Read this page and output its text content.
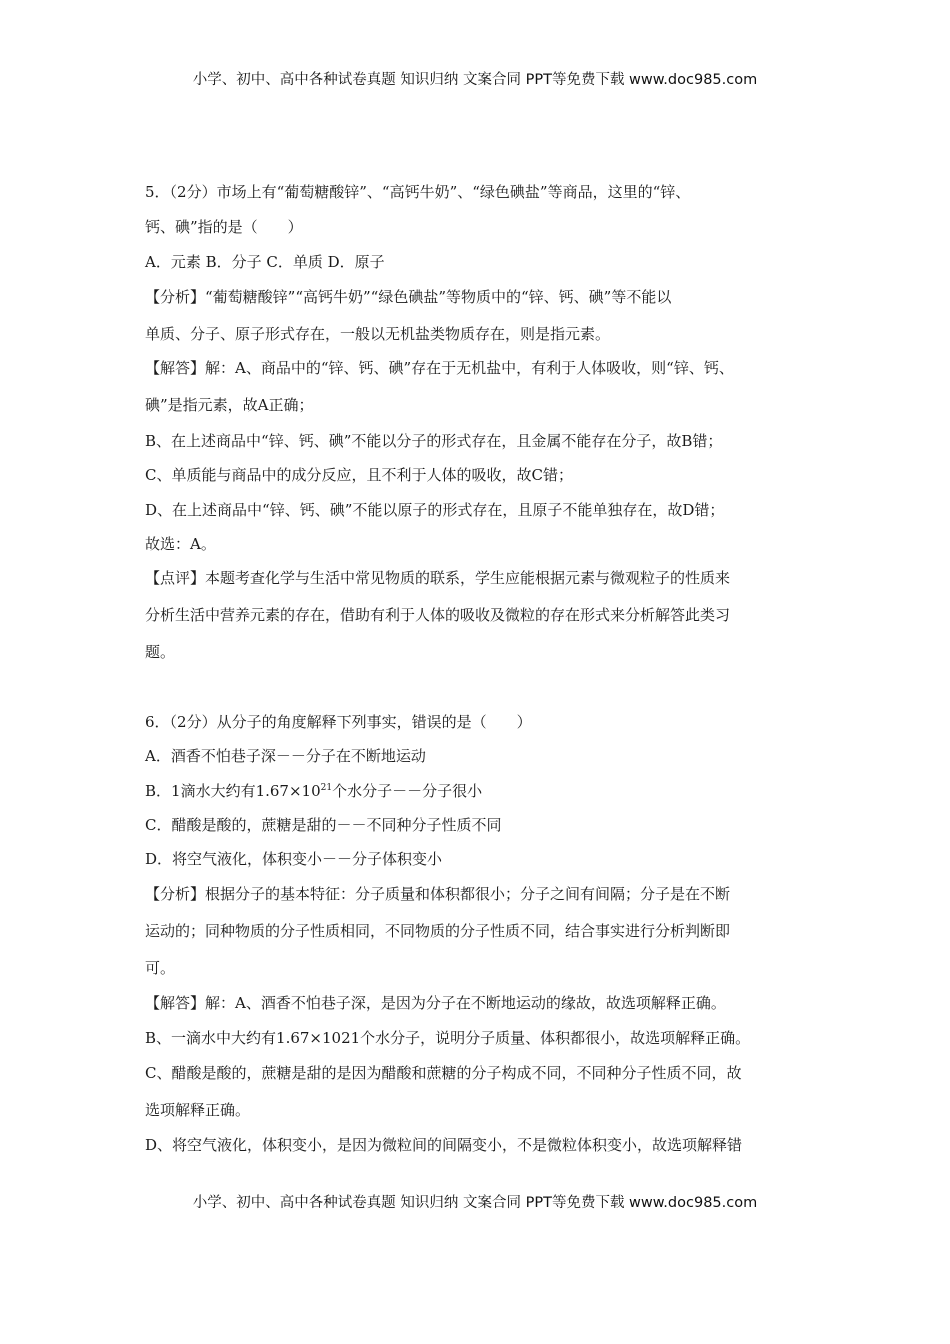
小学、初中、高中各种试卷真题 知识归纳 文案合同 PPT等免费下载 www.doc985.com
5．（2分）市场上有“葡萄糖酸锌”、“高钙牛奶”、“绿色碘盐”等商品，这里的“锌、
钙、碘”指的是（　　）
A．元素 B．分子 C．单质 D．原子
【分析】“葡萄糖酸锌”“高钙牛奶”“绿色碘盐”等物质中的“锌、钙、碘”等不能以
单质、分子、原子形式存在，一般以无机盐类物质存在，则是指元素。
【解答】解：A、商品中的“锌、钙、碘”存在于无机盐中，有利于人体吸收，则“锌、钙、
碘”是指元素，故A正确；
B、在上述商品中“锌、钙、碘”不能以分子的形式存在，且金属不能存在分子，故B错；
C、单质能与商品中的成分反应，且不利于人体的吸收，故C错；
D、在上述商品中“锌、钙、碘”不能以原子的形式存在，且原子不能单独存在，故D错；
故选：A。
【点评】本题考查化学与生活中常见物质的联系，学生应能根据元素与微观粒子的性质来
分析生活中营养元素的存在，借助有利于人体的吸收及微粒的存在形式来分析解答此类习
题。
6．（2分）从分子的角度解释下列事实，错误的是（　　）
A．酒香不怕巷子深－－分子在不断地运动
B．1滴水大约有$1.67\times 10^{21}$个水分子－－分子很小
C．醋酸是酸的，蔗糖是甜的－－不同种分子性质不同
D．将空气液化，体积变小－－分子体积变小
【分析】根据分子的基本特征：分子质量和体积都很小；分子之间有间隔；分子是在不断
运动的；同种物质的分子性质相同，不同物质的分子性质不同，结合事实进行分析判断即
可。
【解答】解：A、酒香不怕巷子深，是因为分子在不断地运动的缘故，故选项解释正确。
B、一滴水中大约有1.67×1021个水分子，说明分子质量、体积都很小，故选项解释正确。
C、醋酸是酸的，蔗糖是甜的是因为醋酸和蔗糖的分子构成不同，不同种分子性质不同，故
选项解释正确。
D、将空气液化，体积变小，是因为微粒间的间隔变小，不是微粒体积变小，故选项解释错
小学、初中、高中各种试卷真题 知识归纳 文案合同 PPT等免费下载 www.doc985.com
